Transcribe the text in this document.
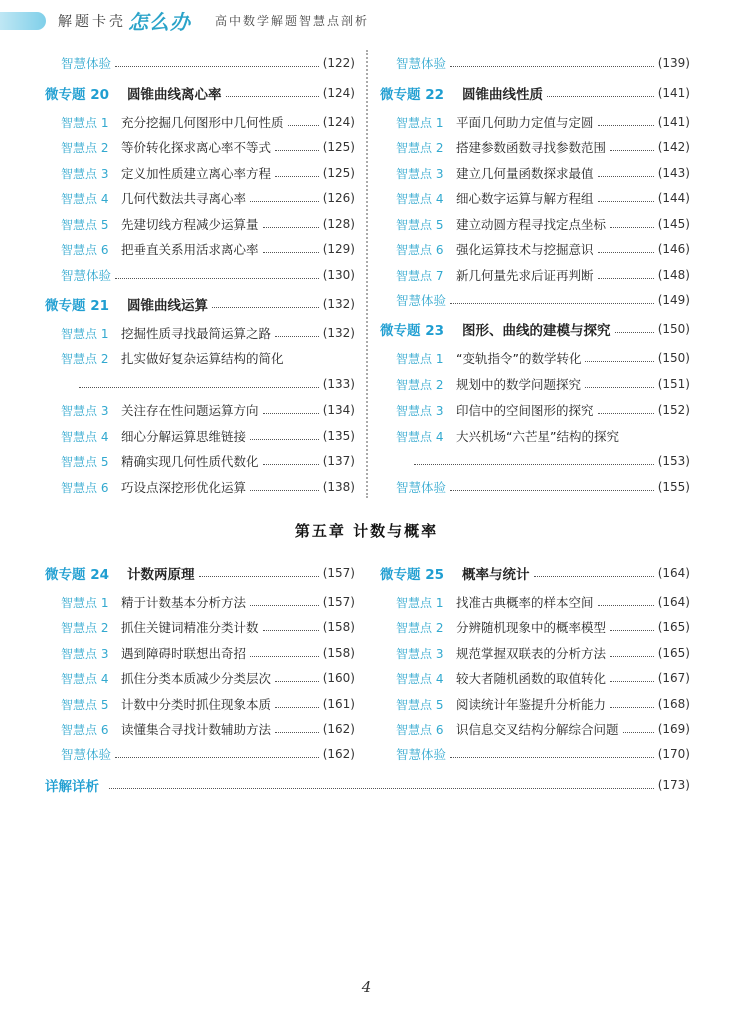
解题卡壳 怎么办 高中数学解题智慧点剖析
智慧体验	(122)
微专题 20	圆锥曲线离心率	(124)
智慧点 1	充分挖掘几何图形中几何性质	(124)
智慧点 2	等价转化探求离心率不等式	(125)
智慧点 3	定义加性质建立离心率方程	(125)
智慧点 4	几何代数法共寻离心率	(126)
智慧点 5	先建切线方程减少运算量	(128)
智慧点 6	把垂直关系用活求离心率	(129)
智慧体验	(130)
微专题 21	圆锥曲线运算	(132)
智慧点 1	挖掘性质寻找最简运算之路	(132)
智慧点 2	扎实做好复杂运算结构的简化
(133)
智慧点 3	关注存在性问题运算方向	(134)
智慧点 4	细心分解运算思维链接	(135)
智慧点 5	精确实现几何性质代数化	(137)
智慧点 6	巧设点深挖形优化运算	(138)
智慧体验	(139)
微专题 22	圆锥曲线性质	(141)
智慧点 1	平面几何助力定值与定圆	(141)
智慧点 2	搭建参数函数寻找参数范围	(142)
智慧点 3	建立几何量函数探求最值	(143)
智慧点 4	细心数字运算与解方程组	(144)
智慧点 5	建立动圆方程寻找定点坐标	(145)
智慧点 6	强化运算技术与挖掘意识	(146)
智慧点 7	新几何量先求后证再判断	(148)
智慧体验	(149)
微专题 23	图形、曲线的建模与探究	(150)
智慧点 1	“变轨指令”的数学转化	(150)
智慧点 2	规划中的数学问题探究	(151)
智慧点 3	印信中的空间图形的探究	(152)
智慧点 4	大兴机场“六芒星”结构的探究
(153)
智慧体验	(155)
第五章 计数与概率
微专题 24	计数两原理	(157)
智慧点 1	精于计数基本分析方法	(157)
智慧点 2	抓住关键词精准分类计数	(158)
智慧点 3	遇到障碍时联想出奇招	(158)
智慧点 4	抓住分类本质减少分类层次	(160)
智慧点 5	计数中分类时抓住现象本质	(161)
智慧点 6	读懂集合寻找计数辅助方法	(162)
智慧体验	(162)
微专题 25	概率与统计	(164)
智慧点 1	找准古典概率的样本空间	(164)
智慧点 2	分辨随机现象中的概率模型	(165)
智慧点 3	规范掌握双联表的分析方法	(165)
智慧点 4	较大者随机函数的取值转化	(167)
智慧点 5	阅读统计年鉴提升分析能力	(168)
智慧点 6	识信息交叉结构分解综合问题	(169)
智慧体验	(170)
详解详析	(173)
4
